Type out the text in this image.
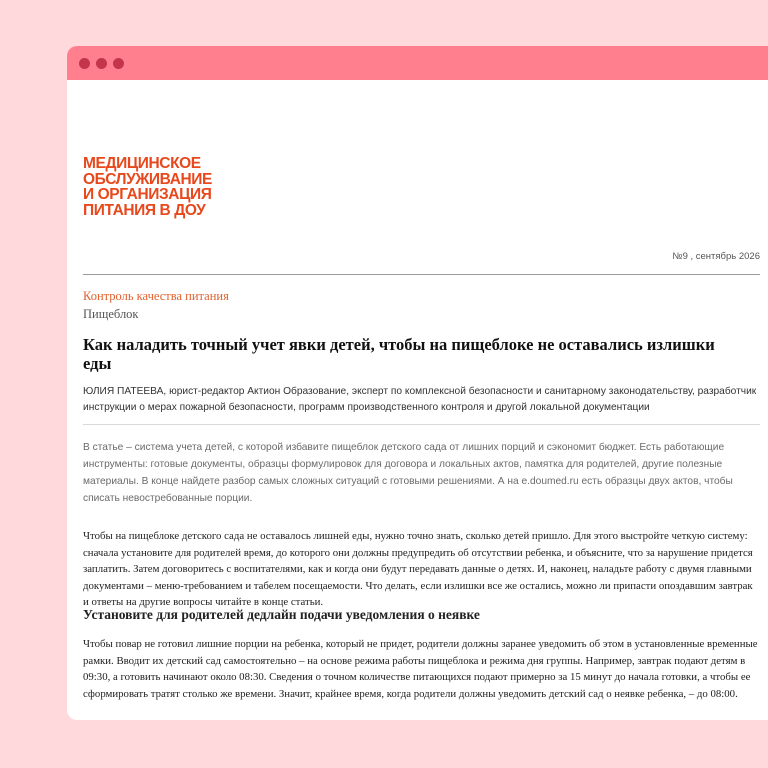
МЕДИЦИНСКОЕ
ОБСЛУЖИВАНИЕ
И ОРГАНИЗАЦИЯ
ПИТАНИЯ В ДОУ
№9 , сентябрь 2026
Контроль качества питания
Пищеблок
Как наладить точный учет явки детей, чтобы на пищеблоке не оставались излишки еды
ЮЛИЯ ПАТЕЕВА, юрист-редактор Актион Образование, эксперт по комплексной безопасности и санитарному законодательству, разработчик инструкции о мерах пожарной безопасности, программ производственного контроля и другой локальной документации
В статье – система учета детей, с которой избавите пищеблок детского сада от лишних порций и сэкономит бюджет. Есть работающие инструменты: готовые документы, образцы формулировок для договора и локальных актов, памятка для родителей, другие полезные материалы. В конце найдете разбор самых сложных ситуаций с готовыми решениями. А на e.doumed.ru есть образцы двух актов, чтобы списать невостребованные порции.
Чтобы на пищеблоке детского сада не оставалось лишней еды, нужно точно знать, сколько детей пришло. Для этого выстройте четкую систему: сначала установите для родителей время, до которого они должны предупредить об отсутствии ребенка, и объясните, что за нарушение придется заплатить. Затем договоритесь с воспитателями, как и когда они будут передавать данные о детях. И, наконец, наладьте работу с двумя главными документами – меню-требованием и табелем посещаемости. Что делать, если излишки все же остались, можно ли припасти опоздавшим завтрак и ответы на другие вопросы читайте в конце статьи.
Установите для родителей дедлайн подачи уведомления о неявке
Чтобы повар не готовил лишние порции на ребенка, который не придет, родители должны заранее уведомить об этом в установленные временные рамки. Вводит их детский сад самостоятельно – на основе режима работы пищеблока и режима дня группы. Например, завтрак подают детям в 09:30, а готовить начинают около 08:30. Сведения о точном количестве питающихся подают примерно за 15 минут до начала готовки, а чтобы ее сформировать тратят столько же времени. Значит, крайнее время, когда родители должны уведомить детский сад о неявке ребенка, – до 08:00.
